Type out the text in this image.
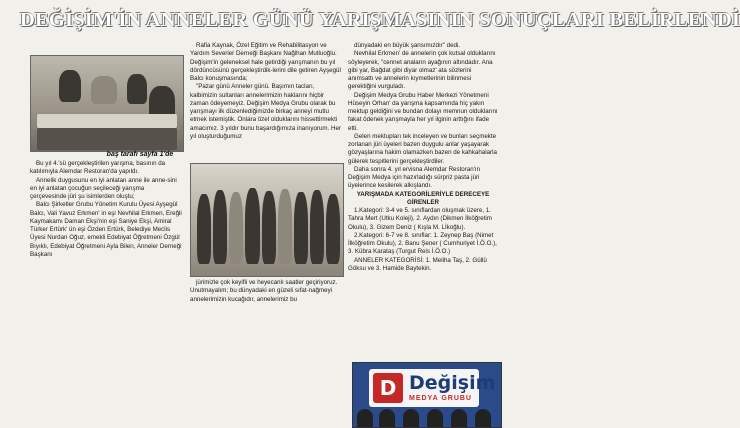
DEĞİŞİM'İN ANNELER GÜNÜ YARIŞMASININ SONUÇLARI BELİRLENDİ
baş tarafı sayfa 1'de

Bu yıl 4.'sü gerçekleştirilen yarışma, basının da katılımıyla Alemdar Restoran'da yapıldı.

Annelik duygusunu en iyi anlatan anne ile anne-sini en iyi anlatan çocuğun seçileceği yarışma çerçevesinde jüri şu isimlerden oluştu;

Balcı Şirketler Grubu Yönetim Kurulu Üyesi Ayşegül Balcı, Vali Yavuz Erkmen' in eşi Nevhilal Erkmen, Ereğli Kaymakamı Daman Ekşi'nin eşi Saniye Ekşi, Amiral Türker Ertürk' ün eşi Özden Ertürk, Belediye Meclis Üyesi Nurdan Oğuz, emekli Edebiyat Öğretmeni Özgül Bıyıklı, Edebiyat Öğretmeni Ayla Bilen, Anneler Derneği Başkanı

Rafia Kaynak, Özel Eğitim ve Rehabilitasyon ve Yardım Severler Derneği Başkanı Nağihan Mutluoğlu. Değişim'in geleneksel hale getirdiği yarışmanın bu yıl dördüncüsünü gerçekleştirdik-lerini dile getiren Ayşegül Balcı konuşmasında;

"Pazar günü Anneler günü. Başımın tacları, kalbimizin sultanları annelerimizin haklarını hiçbir zaman ödeyemeyiz. Değişim Medya Grubu olarak bu yarışmayı ilk düzenlediğimizde birkaç anneyi mutlu etmek istemiştik. Onlara özel olduklarını hissettirmekti amacımız. 3 yıldır bunu başardığımıza inanıyorum. Her yıl oluşturduğumuz

jürimizle çok keyifli ve heyecanlı saatler geçiriyoruz. Unutmayalım; bu dünyadaki en güzeli sıfat-nağmeyi annelerimizin kucağıdır, annelerimiz bu

dünyadaki en büyük şansımızdır" dedi.

Nevhilal Erkmen' de annelerin çok kutsal olduklarını söyleyerek, "cennet anaların ayağının altındadır. Ana gibi yar, Bağdat gibi diyar olmaz' ata sözlerini anımsattı ve annelerin kıymetlerinin bilinmesi gerektiğini vurguladı.

Değişim Medya Grubu Haber Merkezi Yönetmeni Hüseyin Orhan' da yarışma kapsamında hiç yakın mektup geldiğini ve bundan dolayı memnun olduklarını fakat ödenek yarışmayla her yıl ilginin arttığını ifade etti.

Gelen mektupları tek inceleyen ve bunları seçmekte zorlanan jüri üyeleri bazen duygulu anlar yaşayarak gözyaşlarına hakim olamazken bazen de kahkahalarla gülerek tespitlerini gerçekleştirdiler.

Daha sonra 4. yıl ervisna Alemdar Restoran'ın Değişim Medya için hazırladığı sürpriz pasta jüri üyelerince kesilerek alkışlandı.

YARIŞMADA KATEGORİLERİYLE DERECEYE GİRENLER

1.Kategori: 3-4 ve 5. sınıflardan oluşmak üzere, 1. Tahra Mert (Utku Koleji), 2. Aydın (Dikmen İlköğretim Okulu), 3. Gizem Deniz ( Kışla M. Lİkoğlu).

2.Kategori: 6-7 ve 8. sınıflar: 1. Zeynep Baş (Nimet İlköğretim Okulu), 2. Banu Şener ( Cumhuriyet İ.Ö.O.), 3. Kübra Karataş (Turgut Reis İ.Ö.O.)

ANNELER KATEGORİSİ: 1. Meliha Taş, 2. Güllü Göksu ve 3. Hamide Baytekin.

D Değişim
MEDYA GRUBU
